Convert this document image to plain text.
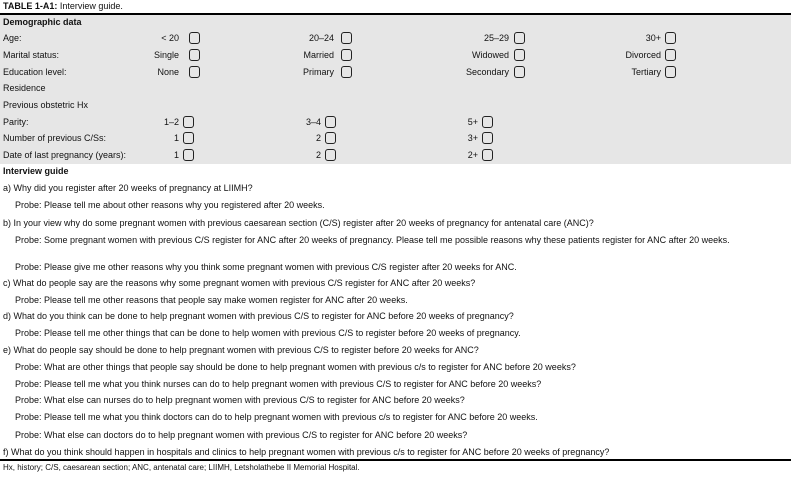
TABLE 1-A1: Interview guide.
Demographic data
Age:	< 20	20–24	25–29	30+
Marital status:	Single	Married	Widowed	Divorced
Education level:	None	Primary	Secondary	Tertiary
Residence
Previous obstetric Hx
Parity:	1–2	3–4	5+
Number of previous C/Ss:	1	2	3+
Date of last pregnancy (years):	1	2	2+
Interview guide
a) Why did you register after 20 weeks of pregnancy at LIIMH?
Probe: Please tell me about other reasons why you registered after 20 weeks.
b) In your view why do some pregnant women with previous caesarean section (C/S) register after 20 weeks of pregnancy for antenatal care (ANC)?
Probe: Some pregnant women with previous C/S register for ANC after 20 weeks of pregnancy. Please tell me possible reasons why these patients register for ANC after 20 weeks.
Probe: Please give me other reasons why you think some pregnant women with previous C/S register after 20 weeks for ANC.
c) What do people say are the reasons why some pregnant women with previous C/S register for ANC after 20 weeks?
Probe: Please tell me other reasons that people say make women register for ANC after 20 weeks.
d) What do you think can be done to help pregnant women with previous C/S to register for ANC before 20 weeks of pregnancy?
Probe: Please tell me other things that can be done to help women with previous C/S to register before 20 weeks of pregnancy.
e) What do people say should be done to help pregnant women with previous C/S to register before 20 weeks for ANC?
Probe: What are other things that people say should be done to help pregnant women with previous c/s to register for ANC before 20 weeks?
Probe: Please tell me what you think nurses can do to help pregnant women with previous C/S to register for ANC before 20 weeks?
Probe: What else can nurses do to help pregnant women with previous C/S to register for ANC before 20 weeks?
Probe: Please tell me what you think doctors can do to help pregnant women with previous c/s to register for ANC before 20 weeks.
Probe: What else can doctors do to help pregnant women with previous C/S to register for ANC before 20 weeks?
f) What do you think should happen in hospitals and clinics to help pregnant women with previous c/s to register for ANC before 20 weeks of pregnancy?
Hx, history; C/S, caesarean section; ANC, antenatal care; LIIMH, Letsholathebe II Memorial Hospital.
